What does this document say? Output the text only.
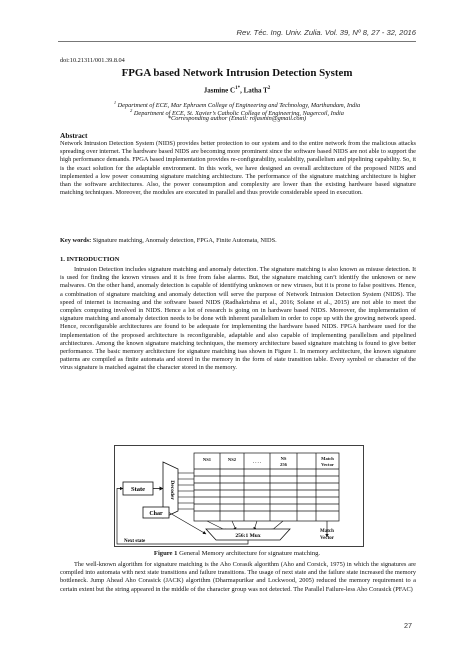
Rev. Téc. Ing. Univ. Zulia. Vol. 39, Nº 8, 27 - 32, 2016
doi:10.21311/001.39.8.04
FPGA based Network Intrusion Detection System
Jasmine $C^{1*}$, Latha $T^2$
$^1$ Department of ECE, Mar Ephraem College of Engineering and Technology, Marthandam, India
$^2$ Department of ECE, St. Xavier’s Catholic College of Engineering, Nagercoil, India
*Corresponding author (Email: rojasmin@gmail.com)
Abstract

Network Intrusion Detection System (NIDS) provides better protection to our system and to the entire network from the malicious attacks spreading over internet. The hardware based NIDS are becoming more prominent since the software based NIDS are not able to support the high performance demands. FPGA based implementation provides re-configurability, scalability, parallelism and pipelining capability. So, it is the exact solution for the adaptable environment. In this work, we have designed an overall architecture of the proposed NIDS and implemented a low power consuming signature matching architecture. The performance of the signature matching architecture is higher than the software architectures. Also, the power consumption and complexity are lower than the existing hardware based signature matching techniques. Moreover, the modules are executed in parallel and thus provide considerable speed in execution.

Key words: Signature matching, Anomaly detection, FPGA, Finite Automata, NIDS.
1. INTRODUCTION

Intrusion Detection includes signature matching and anomaly detection. The signature matching is also known as misuse detection. It is used for finding the known viruses and it is free from false alarms. But, the signature matching can’t identify the unknown or new malwares. On the other hand, anomaly detection is capable of identifying unknown or new viruses, but it is prone to false positives. Hence, a combination of signature matching and anomaly detection will serve the purpose of Network Intrusion Detection System (NIDS). The speed of internet is increasing and the software based NIDS (Radhakrishna et al., 2016; Solane et al., 2015) are not able to meet the complex computing involved in NIDS. Hence a lot of research is going on in hardware based NIDS. Moreover, the implementation of signature matching and anomaly detection needs to be done with inherent parallelism in order to cope up with the growing network speed. Hence, reconfigurable architectures are found to be adequate for implementing the hardware based NIDS. FPGA hardware used for the implementation of the proposed architecture is reconfigurable, adaptable and also capable of implementing parallelism and pipelined architectures. Among the known signature matching techniques, the memory architecture based signature matching is found to give better performance. The basic memory architecture for signature matching isas shown in Figure 1. In memory architecture, the known signature patterns are compiled as finite automata and stored in the memory in the form of state transition table. Every symbol or character of the virus signature is matched against the character stored in the memory.

State	Decoder
NS1	NS2	. . . .
NS
256
Match
Vector
Match
Vector
Char
256:1 Mux
Next state
Figure 1 General Memory architecture for signature matching.

The well-known algorithm for signature matching is the Aho Corasik algorithm (Aho and Corsick, 1975) in which the signatures are compiled into automata with next state transitions and failure transitions. The usage of next state and the failure state increased the memory bottleneck. Jump Ahead Aho Corasick (JACK) algorithm (Dharmapurikar and Lockwood, 2005) reduced the memory requirement to a certain extent but the string appeared in the middle of the character group was not detected. The Parallel Failure-less Aho Corasick (PFAC)

27
